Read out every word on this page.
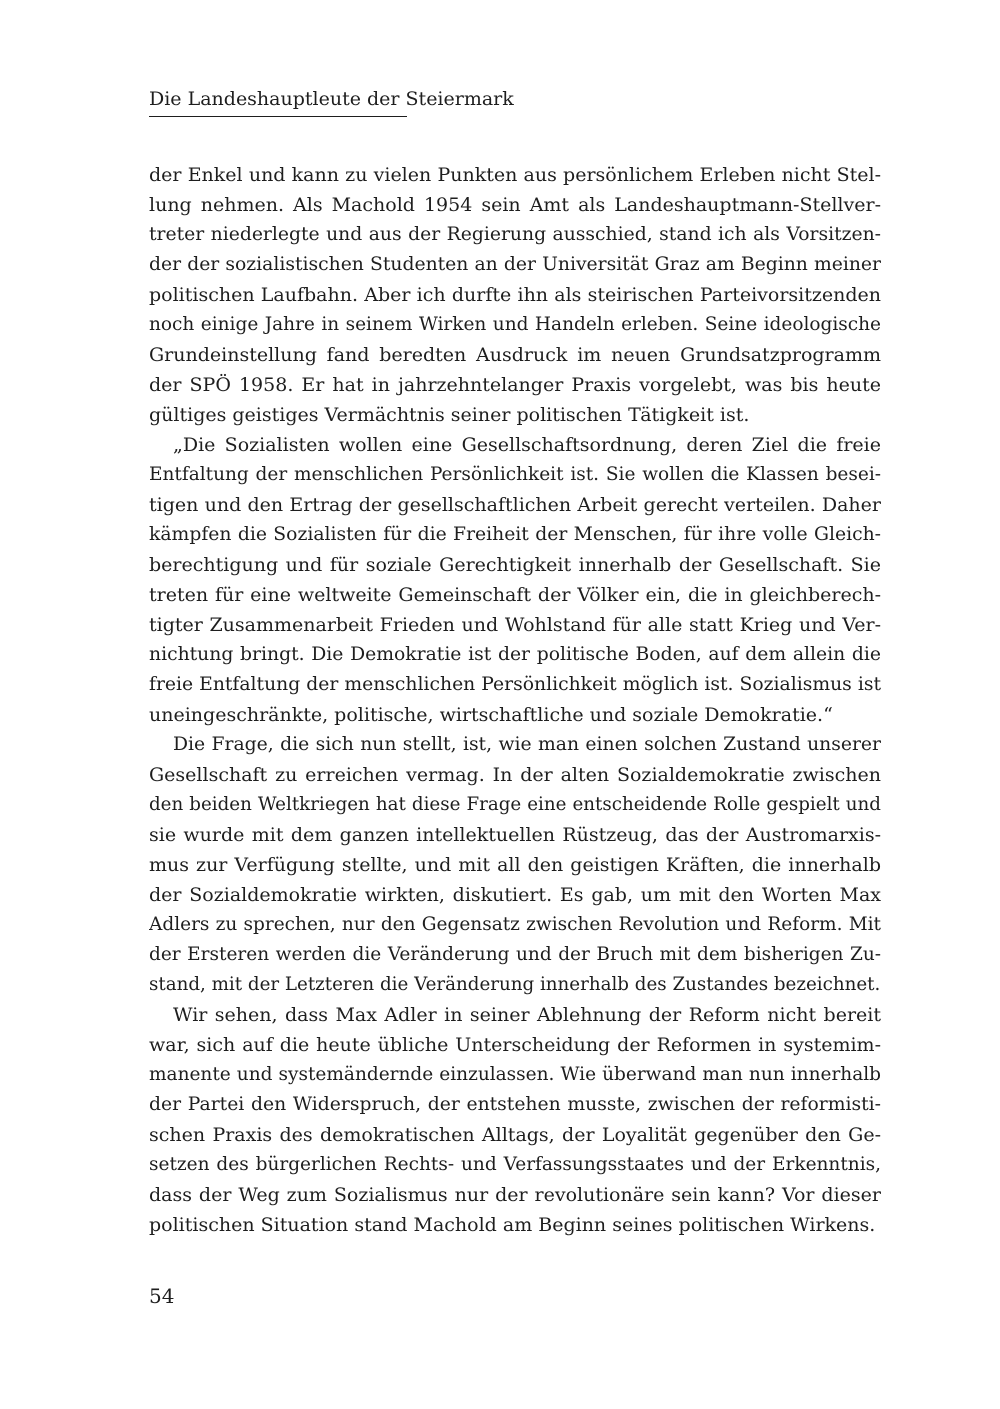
Die Landeshauptleute der Steiermark
der Enkel und kann zu vielen Punkten aus persönlichem Erleben nicht Stel-
lung nehmen. Als Machold 1954 sein Amt als Landeshauptmann-Stellver-
treter niederlegte und aus der Regierung ausschied, stand ich als Vorsitzen-
der der sozialistischen Studenten an der Universität Graz am Beginn meiner
politischen Laufbahn. Aber ich durfte ihn als steirischen Parteivorsitzenden
noch einige Jahre in seinem Wirken und Handeln erleben. Seine ideologische
Grundeinstellung fand beredten Ausdruck im neuen Grundsatzprogramm
der SPÖ 1958. Er hat in jahrzehntelanger Praxis vorgelebt, was bis heute
gültiges geistiges Vermächtnis seiner politischen Tätigkeit ist.
„Die Sozialisten wollen eine Gesellschaftsordnung, deren Ziel die freie
Entfaltung der menschlichen Persönlichkeit ist. Sie wollen die Klassen besei-
tigen und den Ertrag der gesellschaftlichen Arbeit gerecht verteilen. Daher
kämpfen die Sozialisten für die Freiheit der Menschen, für ihre volle Gleich-
berechtigung und für soziale Gerechtigkeit innerhalb der Gesellschaft. Sie
treten für eine weltweite Gemeinschaft der Völker ein, die in gleichberech-
tigter Zusammenarbeit Frieden und Wohlstand für alle statt Krieg und Ver-
nichtung bringt. Die Demokratie ist der politische Boden, auf dem allein die
freie Entfaltung der menschlichen Persönlichkeit möglich ist. Sozialismus ist
uneingeschränkte, politische, wirtschaftliche und soziale Demokratie.“
Die Frage, die sich nun stellt, ist, wie man einen solchen Zustand unserer
Gesellschaft zu erreichen vermag. In der alten Sozialdemokratie zwischen
den beiden Weltkriegen hat diese Frage eine entscheidende Rolle gespielt und
sie wurde mit dem ganzen intellektuellen Rüstzeug, das der Austromarxis-
mus zur Verfügung stellte, und mit all den geistigen Kräften, die innerhalb
der Sozialdemokratie wirkten, diskutiert. Es gab, um mit den Worten Max
Adlers zu sprechen, nur den Gegensatz zwischen Revolution und Reform. Mit
der Ersteren werden die Veränderung und der Bruch mit dem bisherigen Zu-
stand, mit der Letzteren die Veränderung innerhalb des Zustandes bezeichnet.
Wir sehen, dass Max Adler in seiner Ablehnung der Reform nicht bereit
war, sich auf die heute übliche Unterscheidung der Reformen in systemim-
manente und systemändernde einzulassen. Wie überwand man nun innerhalb
der Partei den Widerspruch, der entstehen musste, zwischen der reformisti-
schen Praxis des demokratischen Alltags, der Loyalität gegenüber den Ge-
setzen des bürgerlichen Rechts- und Verfassungsstaates und der Erkenntnis,
dass der Weg zum Sozialismus nur der revolutionäre sein kann? Vor dieser
politischen Situation stand Machold am Beginn seines politischen Wirkens.
54
